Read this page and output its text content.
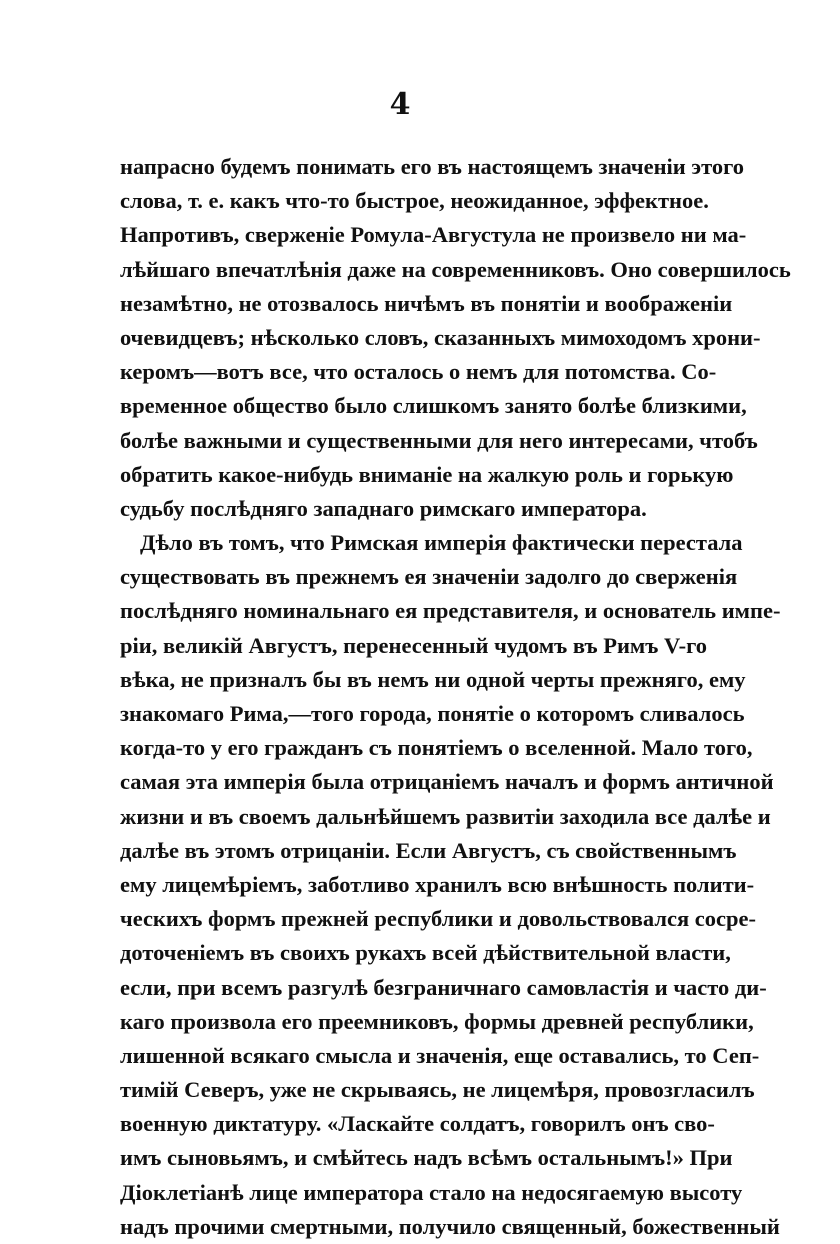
4
напрасно будемъ понимать его въ настоящемъ значенiи этого
слова, т. е. какъ что-то быстрое, неожиданное, эффектное.
Напротивъ, сверженiе Ромула-Августула не произвело ни ма-
лѣйшаго впечатлѣнiя даже на современниковъ. Оно совершилось
незамѣтно, не отозвалось ничѣмъ въ понятiи и воображенiи
очевидцевъ; нѣсколько словъ, сказанныхъ мимоходомъ хрони-
керомъ—вотъ все, что осталось о немъ для потомства. Со-
временное общество было слишкомъ занято болѣе близкими,
болѣе важными и существенными для него интересами, чтобъ
обратить какое-нибудь вниманiе на жалкую роль и горькую
судьбу послѣдняго западнаго римскаго императора.
Дѣло въ томъ, что Римская имперiя фактически перестала
существовать въ прежнемъ ея значенiи задолго до сверженiя
послѣдняго номинальнаго ея представителя, и основатель импе-
рiи, великiй Августъ, перенесенный чудомъ въ Римъ V-го
вѣка, не призналъ бы въ немъ ни одной черты прежняго, ему
знакомаго Рима,—того города, понятiе о которомъ сливалось
когда-то у его гражданъ съ понятiемъ о вселенной. Мало того,
самая эта имперiя была отрицанiемъ началъ и формъ античной
жизни и въ своемъ дальнѣйшемъ развитiи заходила все далѣе и
далѣе въ этомъ отрицанiи. Если Августъ, съ свойственнымъ
ему лицемѣрiемъ, заботливо хранилъ всю внѣшность полити-
ческихъ формъ прежней республики и довольствовался сосре-
доточенiемъ въ своихъ рукахъ всей дѣйствительной власти,
если, при всемъ разгулѣ безграничнаго самовластiя и часто ди-
каго произвола его преемниковъ, формы древней республики,
лишенной всякаго смысла и значенiя, еще оставались, то Сеп-
тимiй Северъ, уже не скрываясь, не лицемѣря, провозгласилъ
военную диктатуру. «Ласкайте солдатъ, говорилъ онъ сво-
имъ сыновьямъ, и смѣйтесь надъ всѣмъ остальнымъ!» При
Дiоклетiанѣ лице императора стало на недосягаемую высоту
надъ прочими смертными, получило священный, божественный
